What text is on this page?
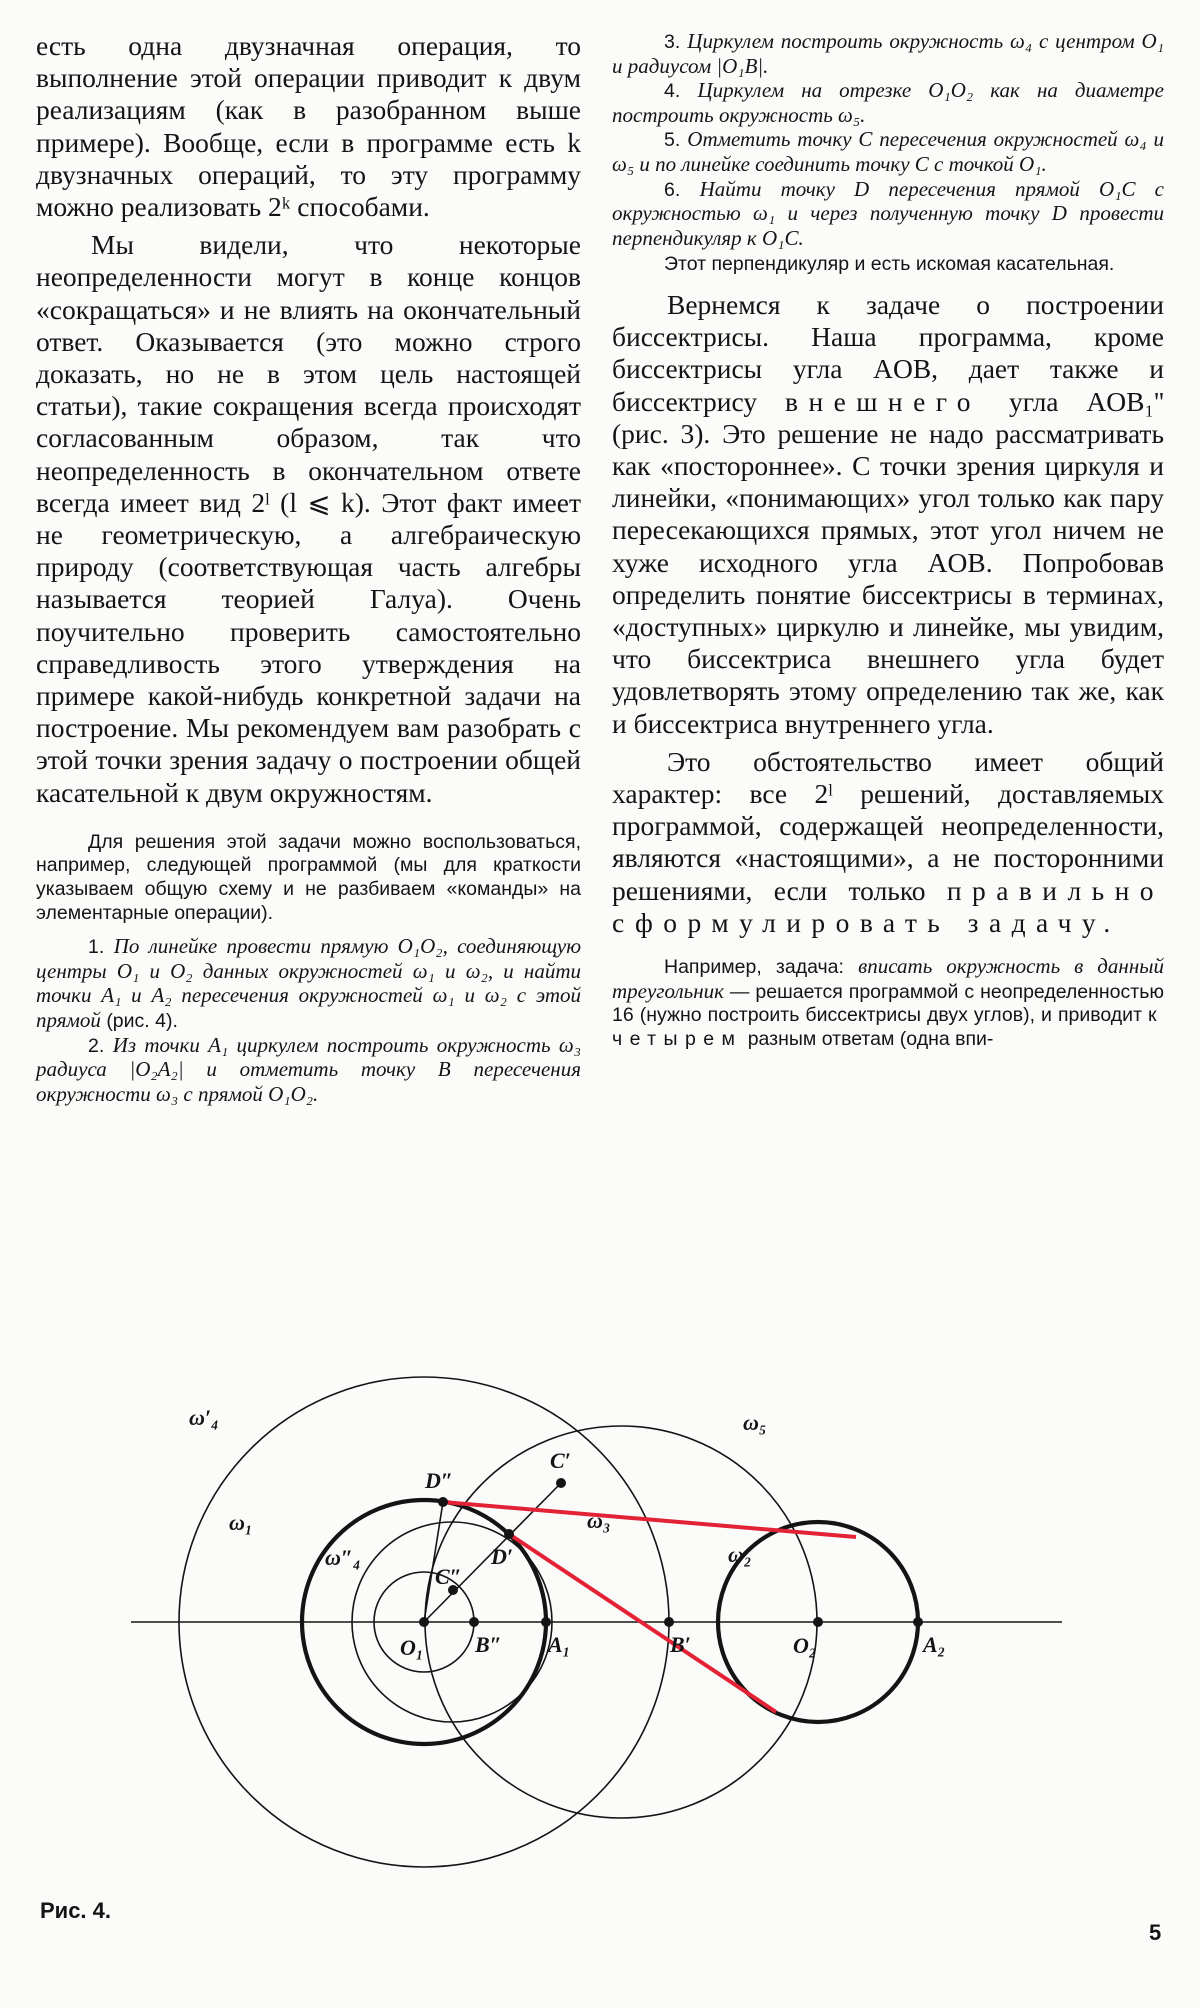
есть одна двузначная операция, то выполнение этой операции приводит к двум реализациям (как в разобранном выше примере). Вообще, если в программе есть k двузначных операций, то эту программу можно реализовать 2ᵏ способами.

Мы видели, что некоторые неопределенности могут в конце концов «сокращаться» и не влиять на окончательный ответ. Оказывается (это можно строго доказать, но не в этом цель настоящей статьи), такие сокращения всегда происходят согласованным образом, так что неопределенность в окончательном ответе всегда имеет вид 2ˡ (l ⩽ k). Этот факт имеет не геометрическую, а алгебраическую природу (соответствующая часть алгебры называется теорией Галуа). Очень поучительно проверить самостоятельно справедливость этого утверждения на примере какой-нибудь конкретной задачи на построение. Мы рекомендуем вам разобрать с этой точки зрения задачу о построении общей касательной к двум окружностям.

Для решения этой задачи можно воспользоваться, например, следующей программой (мы для краткости указываем общую схему и не разбиваем «команды» на элементарные операции).

1. По линейке провести прямую O₁O₂, соединяющую центры O₁ и O₂ данных окружностей ω₁ и ω₂, и найти точки A₁ и A₂ пересечения окружностей ω₁ и ω₂ с этой прямой (рис. 4).

2. Из точки A₁ циркулем построить окружность ω₃ радиуса |O₂A₂| и отметить точку B пересечения окружности ω₃ с прямой O₁O₂.

3. Циркулем построить окружность ω₄ с центром O₁ и радиусом |O₁B|.

4. Циркулем на отрезке O₁O₂ как на диаметре построить окружность ω₅.

5. Отметить точку C пересечения окружностей ω₄ и ω₅ и по линейке соединить точку C с точкой O₁.

6. Найти точку D пересечения прямой O₁C с окружностью ω₁ и через полученную точку D провести перпендикуляр к O₁C.

Этот перпендикуляр и есть искомая касательная.

Вернемся к задаче о построении биссектрисы. Наша программа, кроме биссектрисы угла AOB, дает также и биссектрису внешнего угла AOB₁'' (рис. 3). Это решение не надо рассматривать как «постороннее». С точки зрения циркуля и линейки, «понимающих» угол только как пару пересекающихся прямых, этот угол ничем не хуже исходного угла AOB. Попробовав определить понятие биссектрисы в терминах, «доступных» циркулю и линейке, мы увидим, что биссектриса внешнего угла будет удовлетворять этому определению так же, как и биссектриса внутреннего угла.

Это обстоятельство имеет общий характер: все 2ˡ решений, доставляемых программой, содержащей неопределенности, являются «настоящими», а не посторонними решениями, если только правильно сформулировать задачу.

Например, задача: вписать окружность в данный треугольник — решается программой с неопределенностью 16 (нужно построить биссектрисы двух углов), и приводит к четырем разным ответам (одна впи-

ω′₄
ω₁
ω″₄
ω₃
ω₅
ω₂
D″
D′
C′
C″
O₁ B″ A₁	B′	O₂	A₂

Рис. 4.

5
